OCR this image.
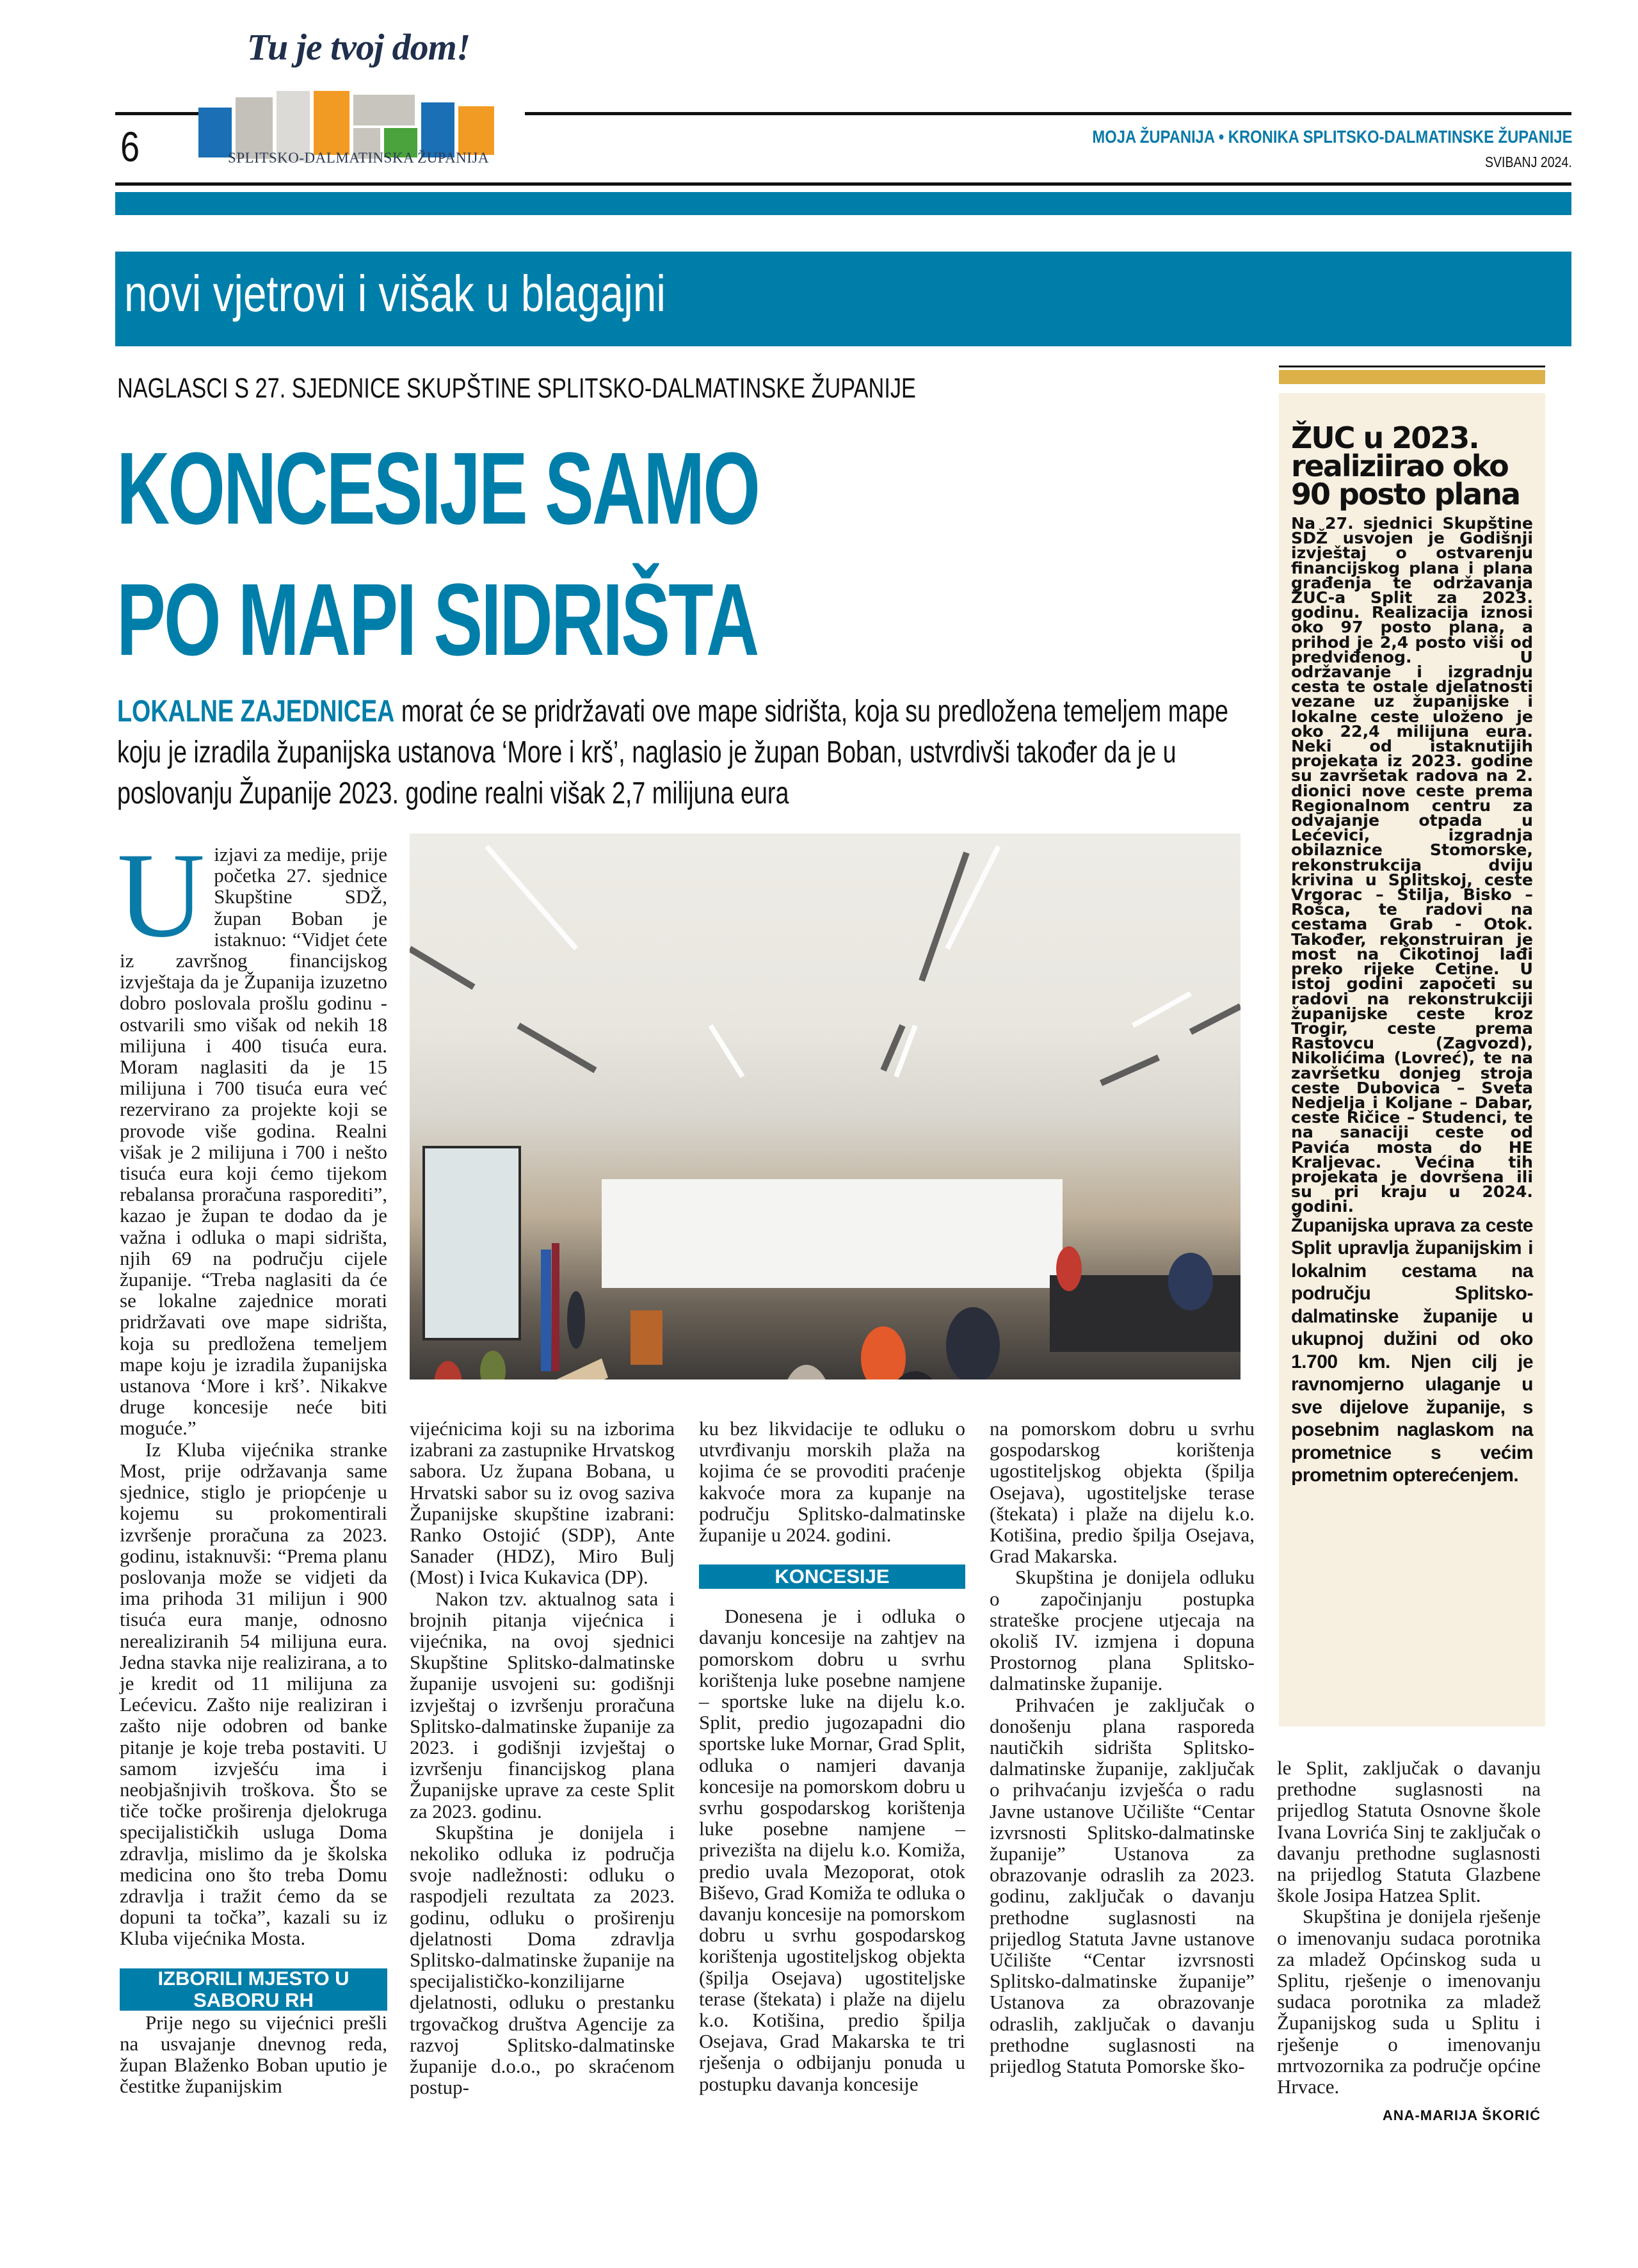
6
Tu je tvoj dom!
SPLITSKO-DALMATINSKA ŽUPANIJA
MOJA ŽUPANIJA • KRONIKA SPLITSKO-DALMATINSKE ŽUPANIJE
SVIBANJ 2024.
novi vjetrovi i višak u blagajni
NAGLASCI S 27. SJEDNICE SKUPŠTINE SPLITSKO-DALMATINSKE ŽUPANIJE
KONCESIJE SAMO
PO MAPI SIDRIŠTA
LOKALNE ZAJEDNICEA morat će se pridržavati ove mape sidrišta, koja su predložena temeljem mape koju je izradila županijska ustanova ‘More i krš’, naglasio je župan Boban, ustvrdivši također da je u poslovanju Županije 2023. godine realni višak 2,7 milijuna eura
U izjavi za medije, prije početka 27. sjednice Skupštine SDŽ, župan Boban je istaknuo: “Vidjet ćete iz završnog financijskog izvještaja da je Županija izuzetno dobro poslovala prošlu godinu - ostvarili smo višak od nekih 18 milijuna i 400 tisuća eura. Moram naglasiti da je 15 milijuna i 700 tisuća eura već rezervirano za projekte koji se provode više godina. Realni višak je 2 milijuna i 700 i nešto tisuća eura koji ćemo tijekom rebalansa proračuna rasporediti”, kazao je župan te dodao da je važna i odluka o mapi sidrišta, njih 69 na području cijele županije. “Treba naglasiti da će se lokalne zajednice morati pridržavati ove mape sidrišta, koja su predložena temeljem mape koju je izradila županijska ustanova ‘More i krš’. Nikakve druge koncesije neće biti moguće.”

Iz Kluba vijećnika stranke Most, prije održavanja same sjednice, stiglo je priopćenje u kojemu su prokomentirali izvršenje proračuna za 2023. godinu, istaknuvši: “Prema planu poslovanja može se vidjeti da ima prihoda 31 milijun i 900 tisuća eura manje, odnosno nerealiziranih 54 milijuna eura. Jedna stavka nije realizirana, a to je kredit od 11 milijuna za Lećevicu. Zašto nije realiziran i zašto nije odobren od banke pitanje je koje treba postaviti. U samom izvješću ima i neobjašnjivih troškova. Što se tiče točke proširenja djelokruga specijalističkih usluga Doma zdravlja, mislimo da je školska medicina ono što treba Domu zdravlja i tražit ćemo da se dopuni ta točka”, kazali su iz Kluba vijećnika Mosta.

IZBORILI MJESTO U
SABORU RH

Prije nego su vijećnici prešli na usvajanje dnevnog reda, župan Blaženko Boban uputio je čestitke županijskim

vijećnicima koji su na izborima izabrani za zastupnike Hrvatskog sabora. Uz župana Bobana, u Hrvatski sabor su iz ovog saziva Županijske skupštine izabrani: Ranko Ostojić (SDP), Ante Sanader (HDZ), Miro Bulj (Most) i Ivica Kukavica (DP).

Nakon tzv. aktualnog sata i brojnih pitanja vijećnica i vijećnika, na ovoj sjednici Skupštine Splitsko-dalmatinske županije usvojeni su: godišnji izvještaj o izvršenju proračuna Splitsko-dalmatinske županije za 2023. i godišnji izvještaj o izvršenju financijskog plana Županijske uprave za ceste Split za 2023. godinu.

Skupština je donijela i nekoliko odluka iz područja svoje nadležnosti: odluku o raspodjeli rezultata za 2023. godinu, odluku o proširenju djelatnosti Doma zdravlja Splitsko-dalmatinske županije na specijalističko-konzilijarne djelatnosti, odluku o prestanku trgovačkog društva Agencije za razvoj Splitsko-dalmatinske županije d.o.o., po skraćenom postup-

ku bez likvidacije te odluku o utvrđivanju morskih plaža na kojima će se provoditi praćenje kakvoće mora za kupanje na području Splitsko-dalmatinske županije u 2024. godini.

KONCESIJE

Donesena je i odluka o davanju koncesije na zahtjev na pomorskom dobru u svrhu korištenja luke posebne namjene – sportske luke na dijelu k.o. Split, predio jugozapadni dio sportske luke Mornar, Grad Split, odluka o namjeri davanja koncesije na pomorskom dobru u svrhu gospodarskog korištenja luke posebne namjene – privezišta na dijelu k.o. Komiža, predio uvala Mezoporat, otok Biševo, Grad Komiža te odluka o davanju koncesije na pomorskom dobru u svrhu gospodarskog korištenja ugostiteljskog objekta (špilja Osejava) ugostiteljske terase (štekata) i plaže na dijelu k.o. Kotišina, predio špilja Osejava, Grad Makarska te tri rješenja o odbijanju ponuda u postupku davanja koncesije

na pomorskom dobru u svrhu gospodarskog korištenja ugostiteljskog objekta (špilja Osejava), ugostiteljske terase (štekata) i plaže na dijelu k.o. Kotišina, predio špilja Osejava, Grad Makarska.

Skupština je donijela odluku o započinjanju postupka strateške procjene utjecaja na okoliš IV. izmjena i dopuna Prostornog plana Splitsko-dalmatinske županije.

Prihvaćen je zaključak o donošenju plana rasporeda nautičkih sidrišta Splitsko-dalmatinske županije, zaključak o prihvaćanju izvješća o radu Javne ustanove Učilište “Centar izvrsnosti Splitsko-dalmatinske županije” Ustanova za obrazovanje odraslih za 2023. godinu, zaključak o davanju prethodne suglasnosti na prijedlog Statuta Javne ustanove Učilište “Centar izvrsnosti Splitsko-dalmatinske županije” Ustanova za obrazovanje odraslih, zaključak o davanju prethodne suglasnosti na prijedlog Statuta Pomorske ško-

le Split, zaključak o davanju prethodne suglasnosti na prijedlog Statuta Osnovne škole Ivana Lovrića Sinj te zaključak o davanju prethodne suglasnosti na prijedlog Statuta Glazbene škole Josipa Hatzea Split.

Skupština je donijela rješenje o imenovanju sudaca porotnika za mladež Općinskog suda u Splitu, rješenje o imenovanju sudaca porotnika za mladež Županijskog suda u Splitu i rješenje o imenovanju mrtvozornika za područje općine Hrvace.

ANA-MARIJA ŠKORIĆ
ŽUC u 2023. realiziirao oko 90 posto plana

Na 27. sjednici Skupštine SDŽ usvojen je Godišnji izvještaj o ostvarenju financijskog plana i plana građenja te održavanja ŽUC-a Split za 2023. godinu. Realizacija iznosi oko 97 posto plana, a prihod je 2,4 posto viši od predviđenog. U održavanje i izgradnju cesta te ostale djelatnosti vezane uz županijske i lokalne ceste uloženo je oko 22,4 milijuna eura. Neki od istaknutijih projekata iz 2023. godine su završetak radova na 2. dionici nove ceste prema Regionalnom centru za odvajanje otpada u Lećevici, izgradnja obilaznice Stomorske, rekonstrukcija dviju krivina u Splitskoj, ceste Vrgorac – Stilja, Bisko – Rošca, te radovi na cestama Grab - Otok. Također, rekonstruiran je most na Čikotinoj lađi preko rijeke Cetine. U istoj godini započeti su radovi na rekonstrukciji županijske ceste kroz Trogir, ceste prema Rastovcu (Zagvozd), Nikolićima (Lovreć), te na završetku donjeg stroja ceste Dubovica – Sveta Nedjelja i Koljane – Dabar, ceste Ričice – Studenci, te na sanaciji ceste od Pavića mosta do HE Kraljevac. Većina tih projekata je dovršena ili su pri kraju u 2024. godini.

Županijska uprava za ceste Split upravlja županijskim i lokalnim cestama na području Splitsko-dalmatinske županije u ukupnoj dužini od oko 1.700 km. Njen cilj je ravnomjerno ulaganje u sve dijelove županije, s posebnim naglaskom na prometnice s većim prometnim opterećenjem.
